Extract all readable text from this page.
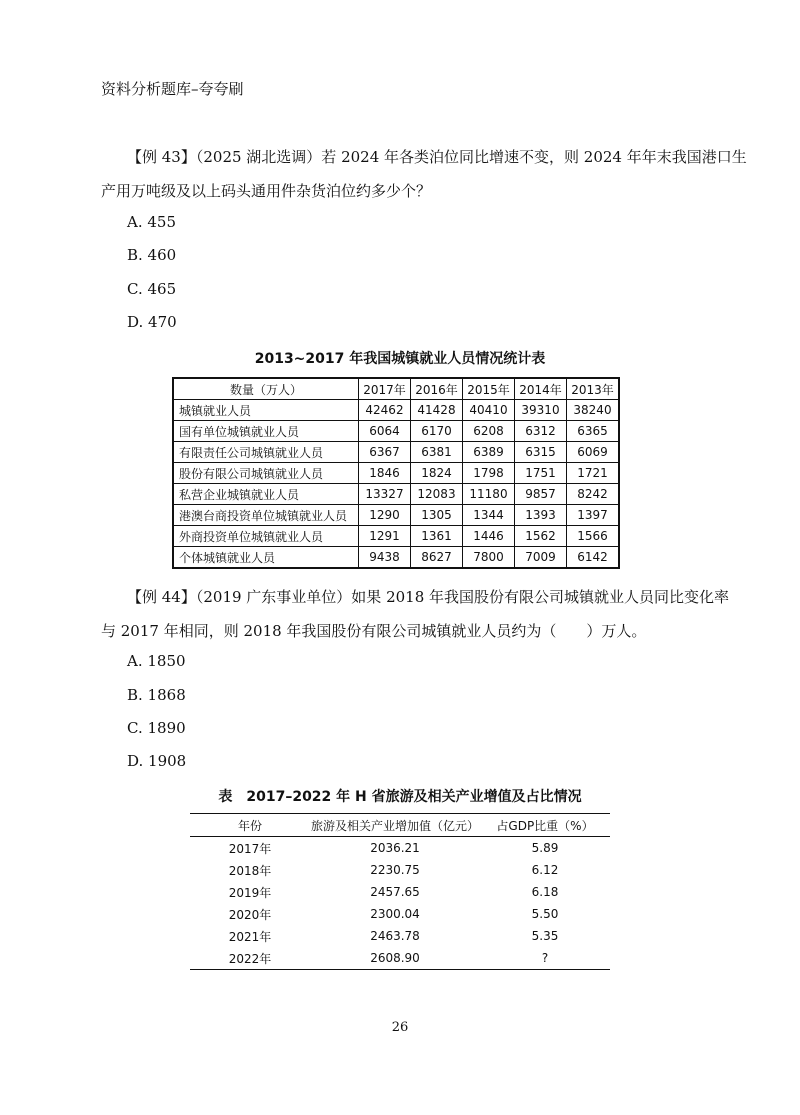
资料分析题库–夸夸刷
【例 43】（2025 湖北选调）若 2024 年各类泊位同比增速不变，则 2024 年年末我国港口生
产用万吨级及以上码头通用件杂货泊位约多少个？
A. 455
B. 460
C. 465
D. 470
2013~2017 年我国城镇就业人员情况统计表
数量（万人）	2017年	2016年	2015年	2014年	2013年
城镇就业人员	42462	41428	40410	39310	38240
国有单位城镇就业人员	6064	6170	6208	6312	6365
有限责任公司城镇就业人员	6367	6381	6389	6315	6069
股份有限公司城镇就业人员	1846	1824	1798	1751	1721
私营企业城镇就业人员	13327	12083	11180	9857	8242
港澳台商投资单位城镇就业人员	1290	1305	1344	1393	1397
外商投资单位城镇就业人员	1291	1361	1446	1562	1566
个体城镇就业人员	9438	8627	7800	7009	6142
【例 44】（2019 广东事业单位）如果 2018 年我国股份有限公司城镇就业人员同比变化率
与 2017 年相同，则 2018 年我国股份有限公司城镇就业人员约为（　　）万人。
A. 1850
B. 1868
C. 1890
D. 1908
表　2017–2022 年 H 省旅游及相关产业增值及占比情况
年份	旅游及相关产业增加值（亿元）	占GDP比重（%）
2017年	2036.21	5.89
2018年	2230.75	6.12
2019年	2457.65	6.18
2020年	2300.04	5.50
2021年	2463.78	5.35
2022年	2608.90	?
26
